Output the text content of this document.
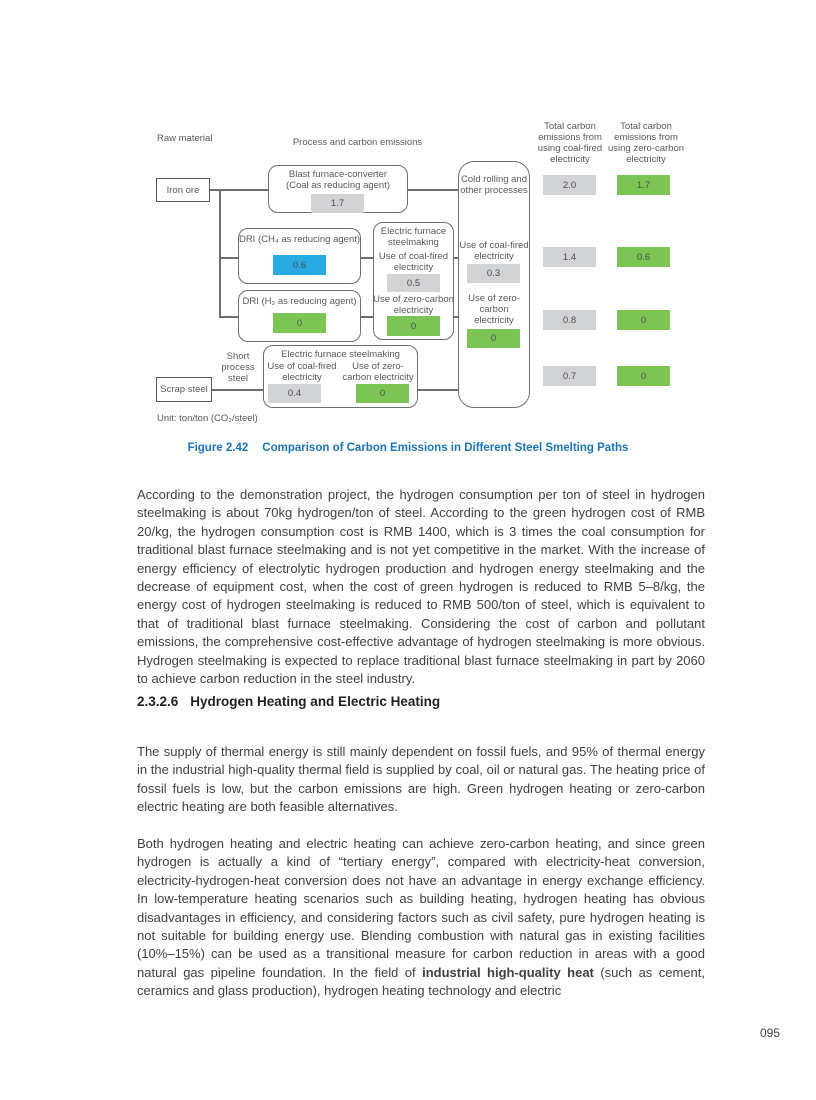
Raw material	Process and carbon emissions
Total carbon emissions from using coal-fired electricity
Total carbon emissions from using zero-carbon electricity
Iron ore
Scrap steel
Short process steel
Blast furnace-converter
(Coal as reducing agent)
1.7
DRI (CH₄ as reducing agent)
0.6
DRI (H₂ as reducing agent)
0
Electric furnace steelmaking
Use of coal-fired electricity
0.5
Use of zero-carbon electricity
0
Electric furnace steelmaking
Use of coal-fired electricity
Use of zero-carbon electricity
0.4	0
Cold rolling and other processes
Use of coal-fired electricity
0.3
Use of zero-carbon electricity
0
2.0
1.4
0.8
0.7
1.7
0.6
0
0
Unit: ton/ton (CO₂/steel)
Figure 2.42 Comparison of Carbon Emissions in Different Steel Smelting Paths

According to the demonstration project, the hydrogen consumption per ton of steel in hydrogen steelmaking is about 70kg hydrogen/ton of steel. According to the green hydrogen cost of RMB 20/kg, the hydrogen consumption cost is RMB 1400, which is 3 times the coal consumption for traditional blast furnace steelmaking and is not yet competitive in the market. With the increase of energy efficiency of electrolytic hydrogen production and hydrogen energy steelmaking and the decrease of equipment cost, when the cost of green hydrogen is reduced to RMB 5–8/kg, the energy cost of hydrogen steelmaking is reduced to RMB 500/ton of steel, which is equivalent to that of traditional blast furnace steelmaking. Considering the cost of carbon and pollutant emissions, the comprehensive cost-effective advantage of hydrogen steelmaking is more obvious. Hydrogen steelmaking is expected to replace traditional blast furnace steelmaking in part by 2060 to achieve carbon reduction in the steel industry.

2.3.2.6 Hydrogen Heating and Electric Heating

The supply of thermal energy is still mainly dependent on fossil fuels, and 95% of thermal energy in the industrial high-quality thermal field is supplied by coal, oil or natural gas. The heating price of fossil fuels is low, but the carbon emissions are high. Green hydrogen heating or zero-carbon electric heating are both feasible alternatives.

Both hydrogen heating and electric heating can achieve zero-carbon heating, and since green hydrogen is actually a kind of “tertiary energy”, compared with electricity-heat conversion, electricity-hydrogen-heat conversion does not have an advantage in energy exchange efficiency. In low-temperature heating scenarios such as building heating, hydrogen heating has obvious disadvantages in efficiency, and considering factors such as civil safety, pure hydrogen heating is not suitable for building energy use. Blending combustion with natural gas in existing facilities (10%–15%) can be used as a transitional measure for carbon reduction in areas with a good natural gas pipeline foundation. In the field of industrial high-quality heat (such as cement, ceramics and glass production), hydrogen heating technology and electric

095
